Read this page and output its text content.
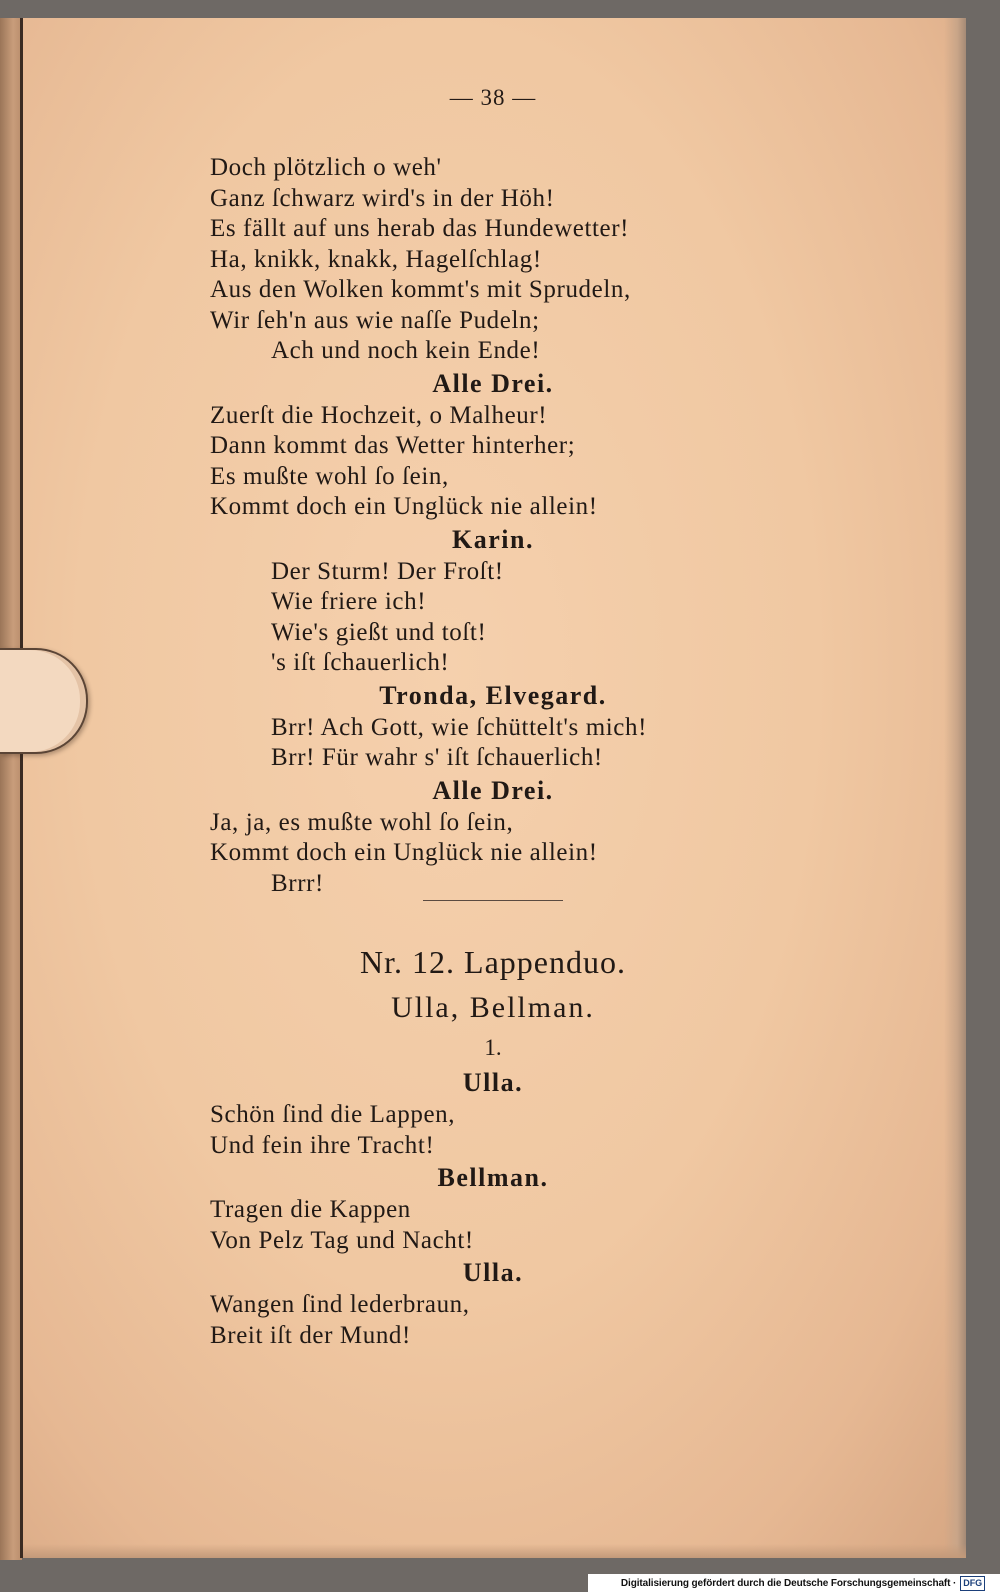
— 38 —
Doch plötzlich o weh'
Ganz ſchwarz wird's in der Höh!
Es fällt auf uns herab das Hundewetter!
Ha, knikk, knakk, Hagelſchlag!
Aus den Wolken kommt's mit Sprudeln,
Wir ſeh'n aus wie naſſe Pudeln;
Ach und noch kein Ende!
Alle Drei.
Zuerſt die Hochzeit, o Malheur!
Dann kommt das Wetter hinterher;
Es mußte wohl ſo ſein,
Kommt doch ein Unglück nie allein!
Karin.
Der Sturm! Der Froſt!
Wie friere ich!
Wie's gießt und toſt!
's iſt ſchauerlich!
Tronda, Elvegard.
Brr! Ach Gott, wie ſchüttelt's mich!
Brr! Für wahr s' iſt ſchauerlich!
Alle Drei.
Ja, ja, es mußte wohl ſo ſein,
Kommt doch ein Unglück nie allein!
Brrr!
Nr. 12. Lappenduo.
Ulla, Bellman.
1.
Ulla.
Schön ſind die Lappen,
Und fein ihre Tracht!
Bellman.
Tragen die Kappen
Von Pelz Tag und Nacht!
Ulla.
Wangen ſind lederbraun,
Breit iſt der Mund!
Digitalisierung gefördert durch die Deutsche Forschungsgemeinschaft · DFG
